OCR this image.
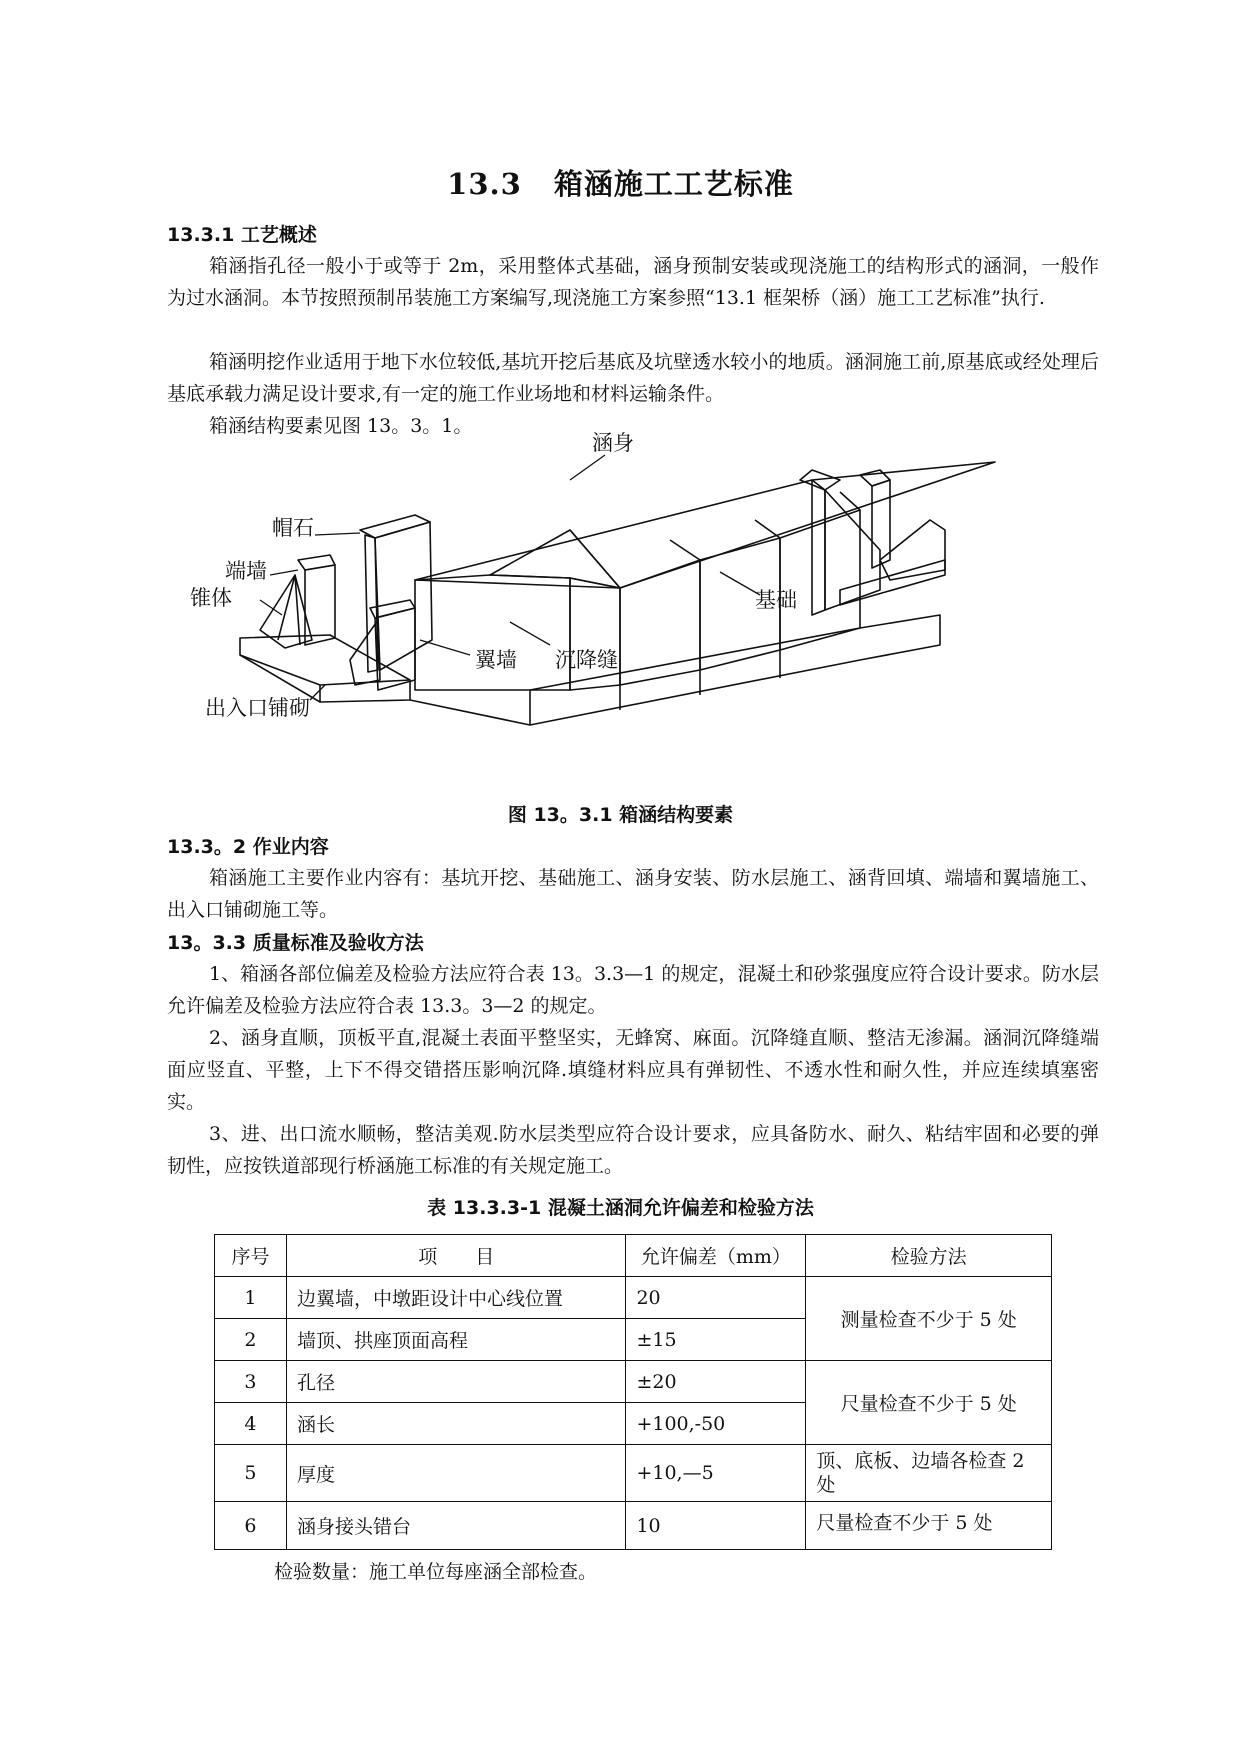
13.3 箱涵施工工艺标准
13.3.1 工艺概述

箱涵指孔径一般小于或等于 2m，采用整体式基础，涵身预制安装或现浇施工的结构形式的涵洞，一般作为过水涵洞。本节按照预制吊装施工方案编写,现浇施工方案参照“13.1 框架桥（涵）施工工艺标准”执行.

箱涵明挖作业适用于地下水位较低,基坑开挖后基底及坑壁透水较小的地质。涵洞施工前,原基底或经处理后基底承载力满足设计要求,有一定的施工作业场地和材料运输条件。

箱涵结构要素见图 13。3。1。

涵身
帽石
端墙
锥体	基础
翼墙 沉降缝
出入口铺砌
图 13。3.1 箱涵结构要素
13.3。2 作业内容

箱涵施工主要作业内容有：基坑开挖、基础施工、涵身安装、防水层施工、涵背回填、端墙和翼墙施工、出入口铺砌施工等。

13。3.3 质量标准及验收方法

1、箱涵各部位偏差及检验方法应符合表 13。3.3—1 的规定，混凝土和砂浆强度应符合设计要求。防水层允许偏差及检验方法应符合表 13.3。3—2 的规定。

2、涵身直顺，顶板平直,混凝土表面平整坚实，无蜂窝、麻面。沉降缝直顺、整洁无渗漏。涵洞沉降缝端面应竖直、平整，上下不得交错搭压影响沉降.填缝材料应具有弹韧性、不透水性和耐久性，并应连续填塞密实。

3、进、出口流水顺畅，整洁美观.防水层类型应符合设计要求，应具备防水、耐久、粘结牢固和必要的弹韧性，应按铁道部现行桥涵施工标准的有关规定施工。

表 13.3.3-1 混凝土涵洞允许偏差和检验方法
序号	项　　目	允许偏差（mm）	检验方法
1	边翼墙，中墩距设计中心线位置	20	测量检查不少于 5 处
2	墙顶、拱座顶面高程	±15	
3	孔径	±20	尺量检查不少于 5 处
4	涵长	+100,-50	
5	厚度	+10,—5	顶、底板、边墙各检查 2 处
6	涵身接头错台	10	尺量检查不少于 5 处
检验数量：施工单位每座涵全部检查。
